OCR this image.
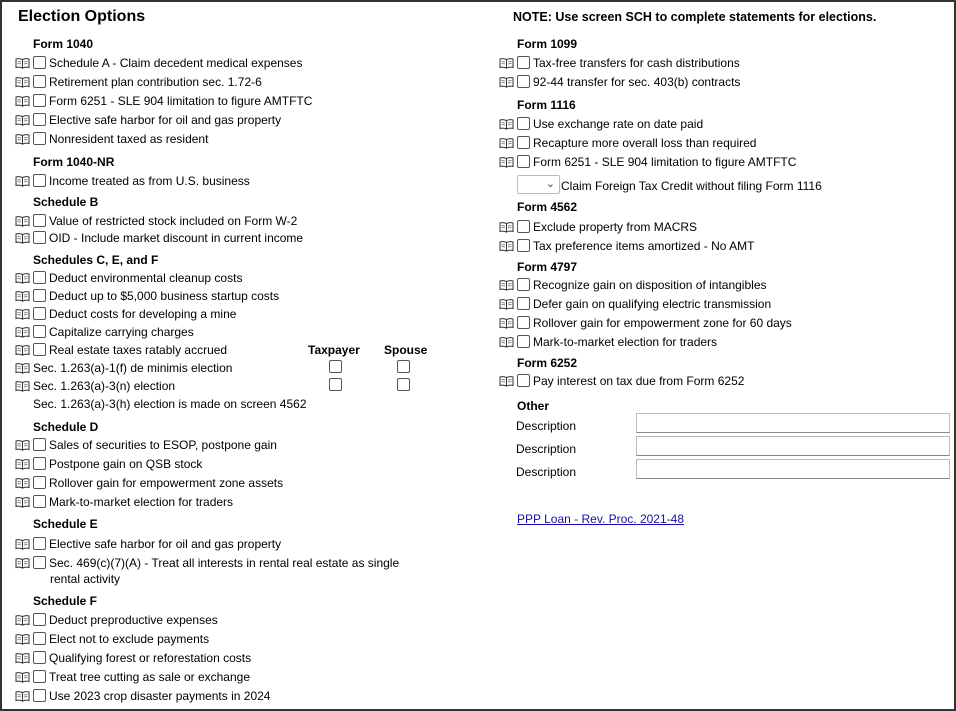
Election Options	NOTE: Use screen SCH to complete statements for elections.
Form 1040
Schedule A - Claim decedent medical expenses
Retirement plan contribution sec. 1.72-6
Form 6251 - SLE 904 limitation to figure AMTFTC
Elective safe harbor for oil and gas property
Nonresident taxed as resident
Form 1040-NR
Income treated as from U.S. business
Schedule B
Value of restricted stock included on Form W-2
OID - Include market discount in current income
Schedules C, E, and F
Deduct environmental cleanup costs
Deduct up to $5,000 business startup costs
Deduct costs for developing a mine
Capitalize carrying charges
Real estate taxes ratably accrued	Taxpayer Spouse
Sec. 1.263(a)-1(f) de minimis election
Sec. 1.263(a)-3(n) election
Sec. 1.263(a)-3(h) election is made on screen 4562
Schedule D
Sales of securities to ESOP, postpone gain
Postpone gain on QSB stock
Rollover gain for empowerment zone assets
Mark-to-market election for traders
Schedule E
Elective safe harbor for oil and gas property
Sec. 469(c)(7)(A) - Treat all interests in rental real estate as single
rental activity
Schedule F
Deduct preproductive expenses
Elect not to exclude payments
Qualifying forest or reforestation costs
Treat tree cutting as sale or exchange
Use 2023 crop disaster payments in 2024
Form 1099
Tax-free transfers for cash distributions
92-44 transfer for sec. 403(b) contracts
Form 1116
Use exchange rate on date paid
Recapture more overall loss than required
Form 6251 - SLE 904 limitation to figure AMTFTC
⌄ Claim Foreign Tax Credit without filing Form 1116
Form 4562
Exclude property from MACRS
Tax preference items amortized - No AMT
Form 4797
Recognize gain on disposition of intangibles
Defer gain on qualifying electric transmission
Rollover gain for empowerment zone for 60 days
Mark-to-market election for traders
Form 6252
Pay interest on tax due from Form 6252
Other
Description
Description
Description
PPP Loan - Rev. Proc. 2021-48
